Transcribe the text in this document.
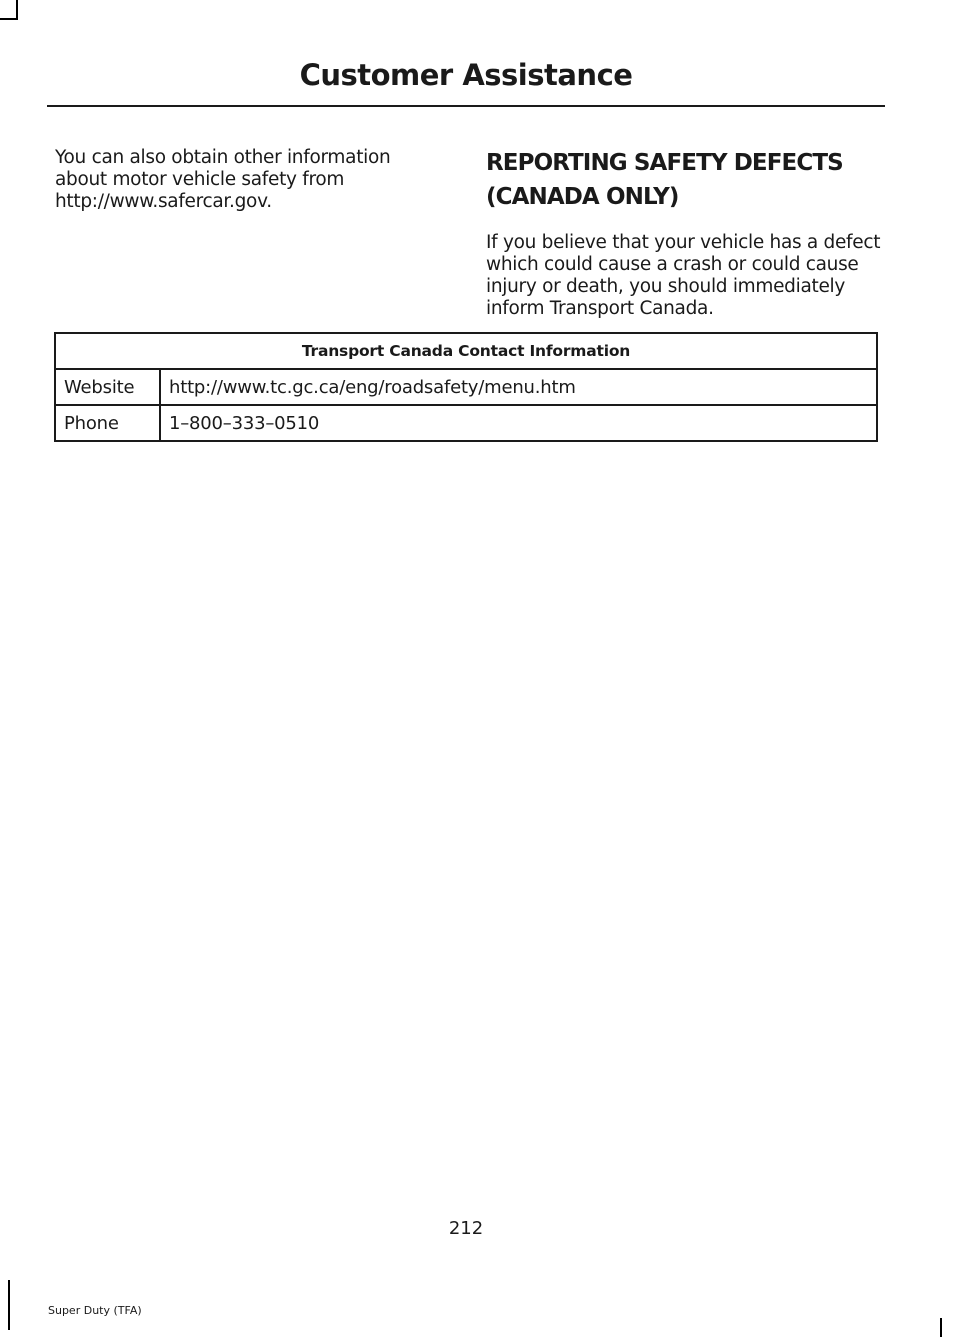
Customer Assistance
You can also obtain other information
about motor vehicle safety from
http://www.safercar.gov.
REPORTING SAFETY DEFECTS
(CANADA ONLY)
If you believe that your vehicle has a defect
which could cause a crash or could cause
injury or death, you should immediately
inform Transport Canada.
Transport Canada Contact Information	
Website	http://www.tc.gc.ca/eng/roadsafety/menu.htm
Phone	1–800–333–0510
212
Super Duty (TFA)
